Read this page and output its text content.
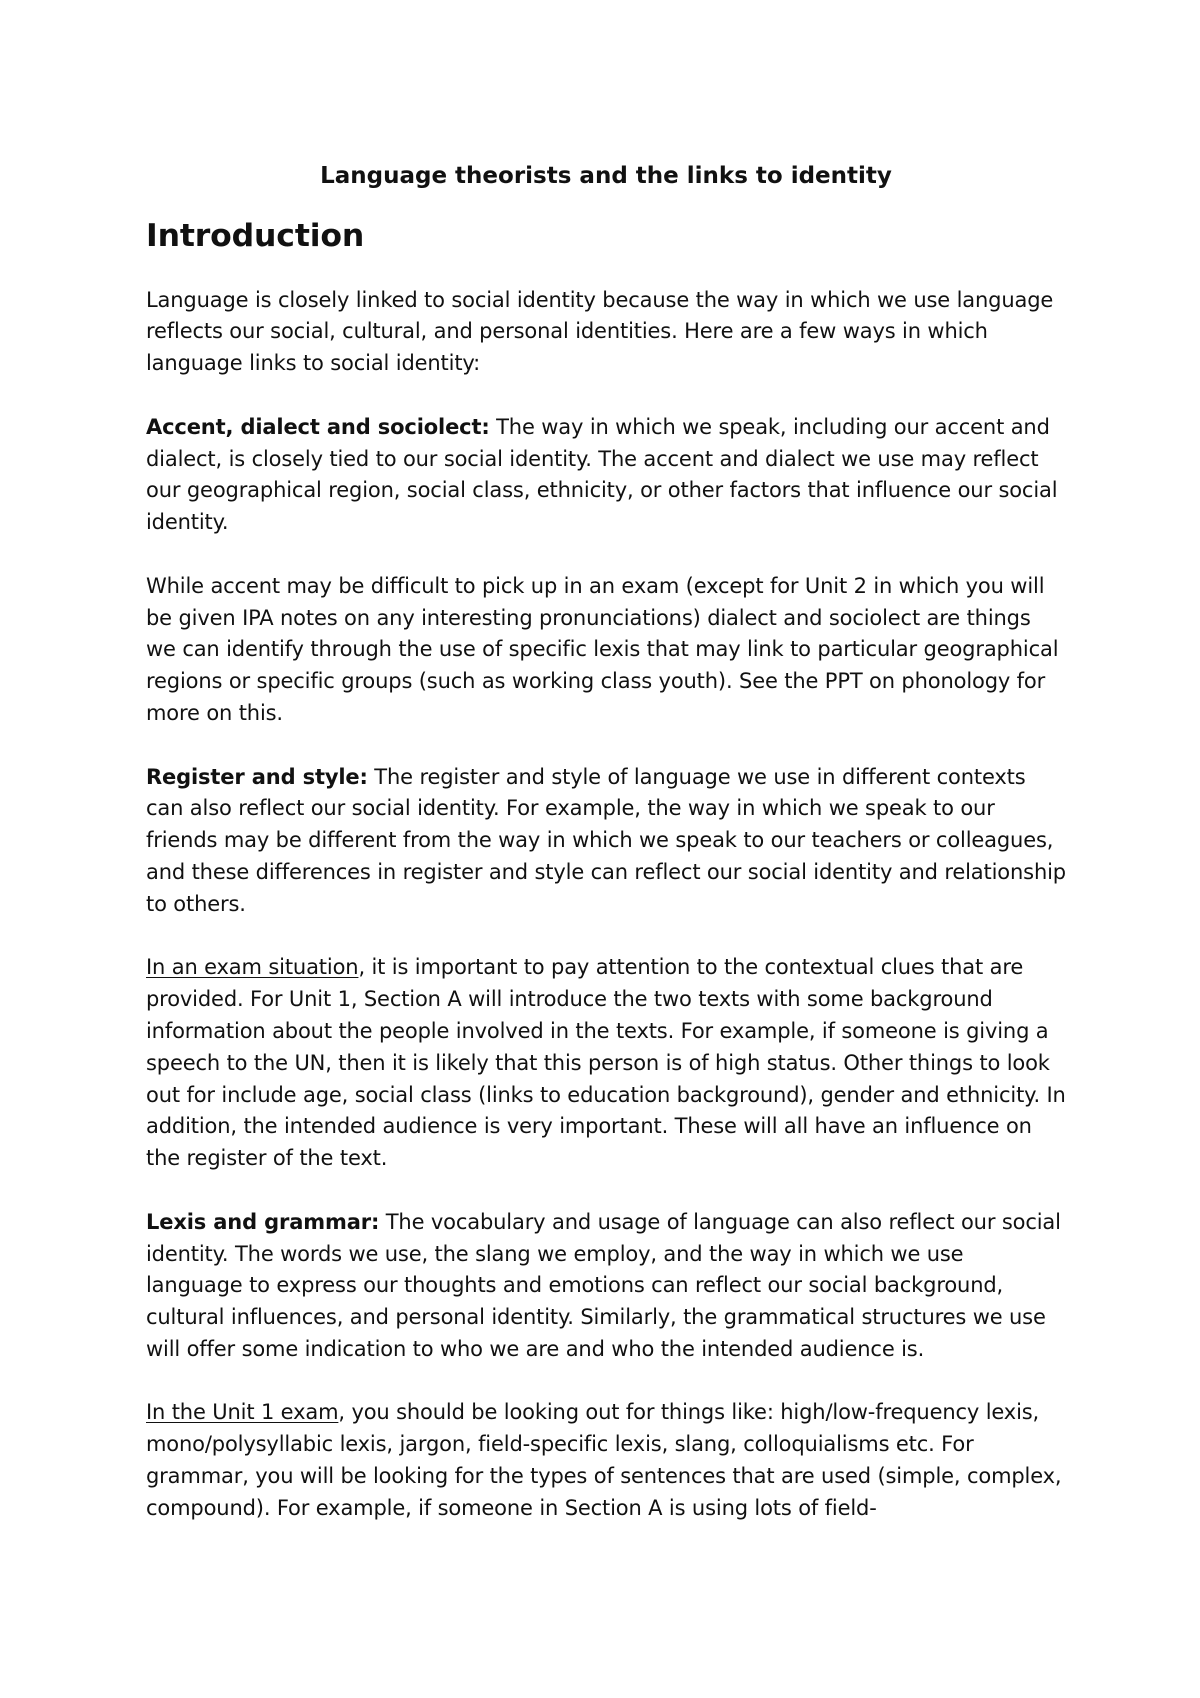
Language theorists and the links to identity
Introduction

Language is closely linked to social identity because the way in which we use language reflects our social, cultural, and personal identities. Here are a few ways in which language links to social identity:

Accent, dialect and sociolect: The way in which we speak, including our accent and dialect, is closely tied to our social identity. The accent and dialect we use may reflect our geographical region, social class, ethnicity, or other factors that influence our social identity.

While accent may be difficult to pick up in an exam (except for Unit 2 in which you will be given IPA notes on any interesting pronunciations) dialect and sociolect are things we can identify through the use of specific lexis that may link to particular geographical regions or specific groups (such as working class youth). See the PPT on phonology for more on this.

Register and style: The register and style of language we use in different contexts can also reflect our social identity. For example, the way in which we speak to our friends may be different from the way in which we speak to our teachers or colleagues, and these differences in register and style can reflect our social identity and relationship to others.

In an exam situation, it is important to pay attention to the contextual clues that are provided. For Unit 1, Section A will introduce the two texts with some background information about the people involved in the texts. For example, if someone is giving a speech to the UN, then it is likely that this person is of high status. Other things to look out for include age, social class (links to education background), gender and ethnicity. In addition, the intended audience is very important. These will all have an influence on the register of the text.

Lexis and grammar: The vocabulary and usage of language can also reflect our social identity. The words we use, the slang we employ, and the way in which we use language to express our thoughts and emotions can reflect our social background, cultural influences, and personal identity. Similarly, the grammatical structures we use will offer some indication to who we are and who the intended audience is.

In the Unit 1 exam, you should be looking out for things like: high/low-frequency lexis, mono/polysyllabic lexis, jargon, field-specific lexis, slang, colloquialisms etc. For grammar, you will be looking for the types of sentences that are used (simple, complex, compound). For example, if someone in Section A is using lots of field-
